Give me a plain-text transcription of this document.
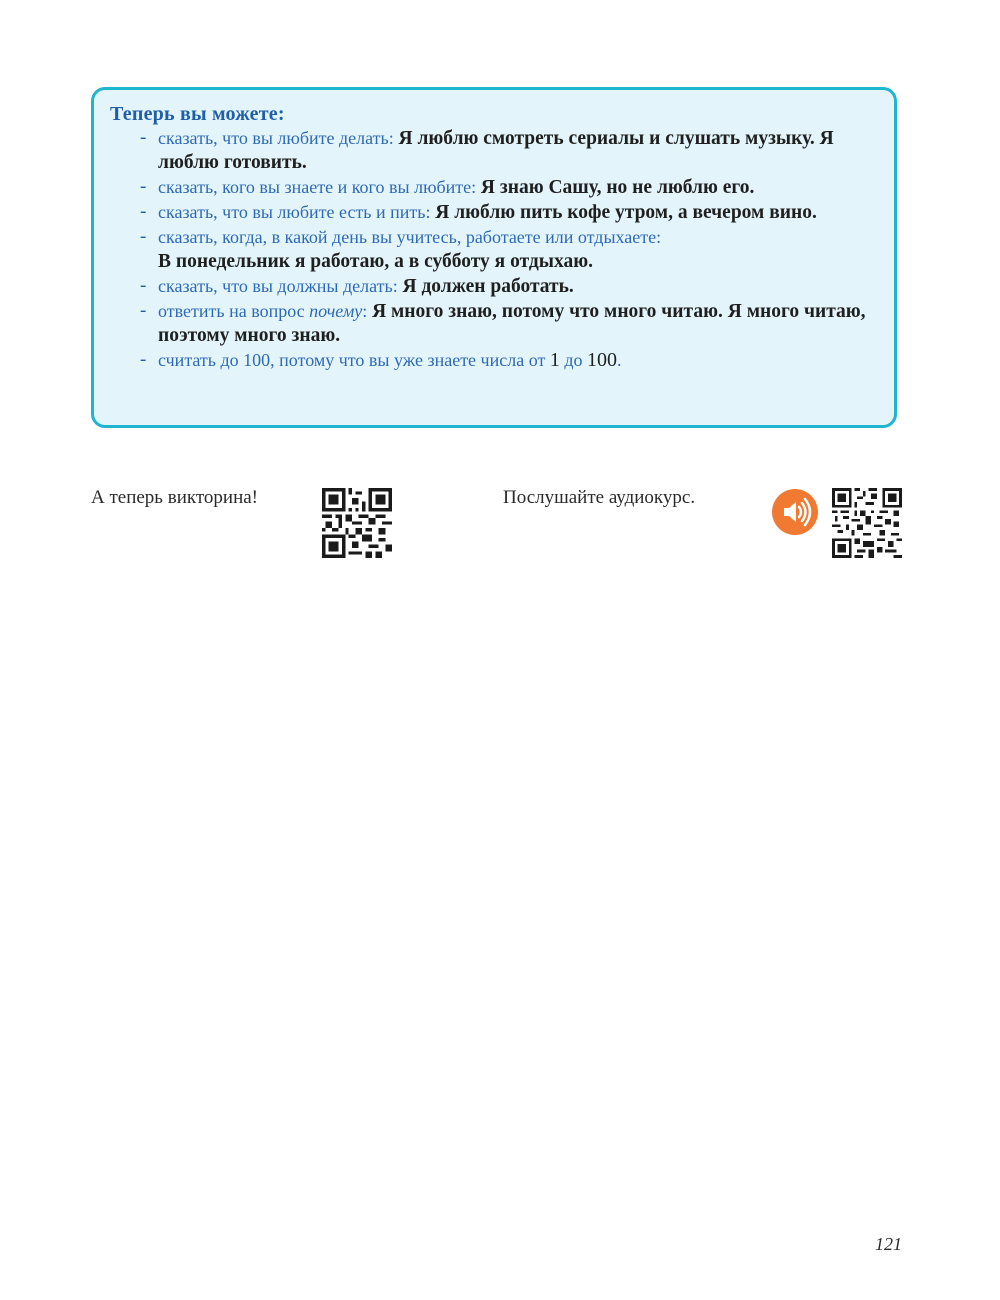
Теперь вы можете:

- сказать, что вы любите делать: Я люблю смотреть сериалы и слушать музыку. Я люблю готовить.
- сказать, кого вы знаете и кого вы любите: Я знаю Сашу, но не люблю его.
- сказать, что вы любите есть и пить: Я люблю пить кофе утром, а вечером вино.
- сказать, когда, в какой день вы учитесь, работаете или отдыхаете:
В понедельник я работаю, а в субботу я отдыхаю.
- сказать, что вы должны делать: Я должен работать.
- ответить на вопрос почему: Я много знаю, потому что много читаю. Я много читаю, поэтому много знаю.
- считать до 100, потому что вы уже знаете числа от 1 до 100.
А теперь викторина!	Послушайте аудиокурс.
121
